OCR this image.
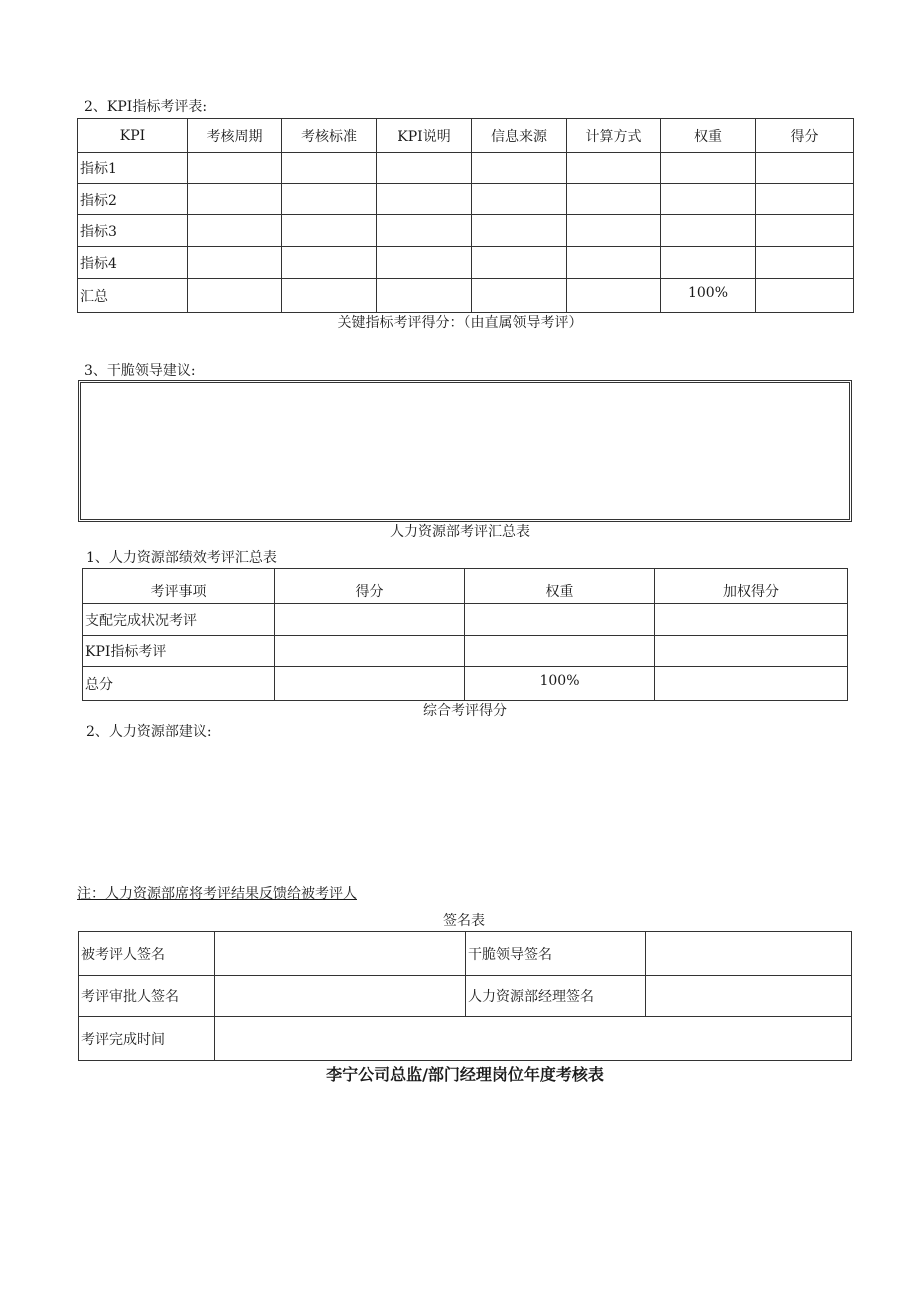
2、KPI指标考评表:
KPI	考核周期	考核标准	KPI说明	信息来源	计算方式	权重	得分
指标1							
指标2							
指标3							
指标4							
汇总						100%	
关键指标考评得分：（由直属领导考评）
3、干脆领导建议:
人力资源部考评汇总表
1、人力资源部绩效考评汇总表
考评事项	得分	权重	加权得分
支配完成状况考评			
KPI指标考评			
总分		100%	
综合考评得分
2、人力资源部建议:
注：人力资源部席将考评结果反馈给被考评人
签名表
被考评人签名		干脆领导签名	
考评审批人签名		人力资源部经理签名	
考评完成时间			
李宁公司总监/部门经理岗位年度考核表
